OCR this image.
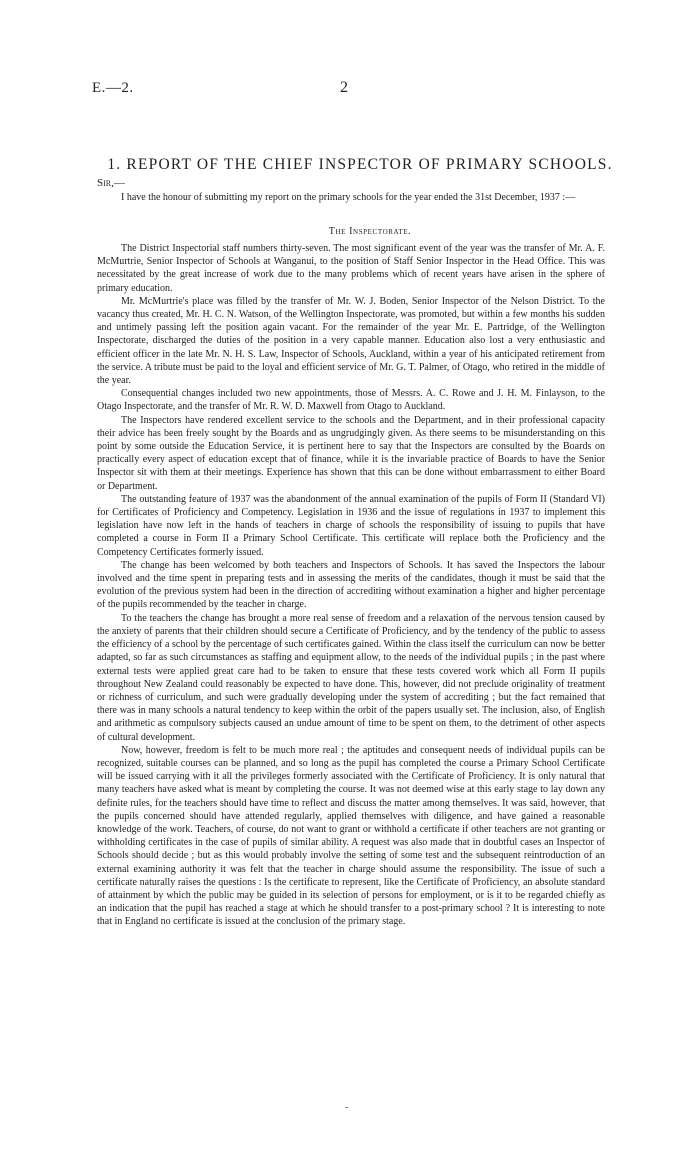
E.—2.	2
1. REPORT OF THE CHIEF INSPECTOR OF PRIMARY SCHOOLS.
Sir,—

I have the honour of submitting my report on the primary schools for the year ended the 31st December, 1937 :—

The Inspectorate.

The District Inspectorial staff numbers thirty-seven. The most significant event of the year was the transfer of Mr. A. F. McMurtrie, Senior Inspector of Schools at Wanganui, to the position of Staff Senior Inspector in the Head Office. This was necessitated by the great increase of work due to the many problems which of recent years have arisen in the sphere of primary education.

Mr. McMurtrie's place was filled by the transfer of Mr. W. J. Boden, Senior Inspector of the Nelson District. To the vacancy thus created, Mr. H. C. N. Watson, of the Wellington Inspectorate, was promoted, but within a few months his sudden and untimely passing left the position again vacant. For the remainder of the year Mr. E. Partridge, of the Wellington Inspectorate, discharged the duties of the position in a very capable manner. Education also lost a very enthusiastic and efficient officer in the late Mr. N. H. S. Law, Inspector of Schools, Auckland, within a year of his anticipated retirement from the service. A tribute must be paid to the loyal and efficient service of Mr. G. T. Palmer, of Otago, who retired in the middle of the year.

Consequential changes included two new appointments, those of Messrs. A. C. Rowe and J. H. M. Finlayson, to the Otago Inspectorate, and the transfer of Mr. R. W. D. Maxwell from Otago to Auckland.

The Inspectors have rendered excellent service to the schools and the Department, and in their professional capacity their advice has been freely sought by the Boards and as ungrudgingly given. As there seems to be misunderstanding on this point by some outside the Education Service, it is pertinent here to say that the Inspectors are consulted by the Boards on practically every aspect of education except that of finance, while it is the invariable practice of Boards to have the Senior Inspector sit with them at their meetings. Experience has shown that this can be done without embarrassment to either Board or Department.

The outstanding feature of 1937 was the abandonment of the annual examination of the pupils of Form II (Standard VI) for Certificates of Proficiency and Competency. Legislation in 1936 and the issue of regulations in 1937 to implement this legislation have now left in the hands of teachers in charge of schools the responsibility of issuing to pupils that have completed a course in Form II a Primary School Certificate. This certificate will replace both the Proficiency and the Competency Certificates formerly issued.

The change has been welcomed by both teachers and Inspectors of Schools. It has saved the Inspectors the labour involved and the time spent in preparing tests and in assessing the merits of the candidates, though it must be said that the evolution of the previous system had been in the direction of accrediting without examination a higher and higher percentage of the pupils recommended by the teacher in charge.

To the teachers the change has brought a more real sense of freedom and a relaxation of the nervous tension caused by the anxiety of parents that their children should secure a Certificate of Proficiency, and by the tendency of the public to assess the efficiency of a school by the percentage of such certificates gained. Within the class itself the curriculum can now be better adapted, so far as such circumstances as staffing and equipment allow, to the needs of the individual pupils ; in the past where external tests were applied great care had to be taken to ensure that these tests covered work which all Form II pupils throughout New Zealand could reasonably be expected to have done. This, however, did not preclude originality of treatment or richness of curriculum, and such were gradually developing under the system of accrediting ; but the fact remained that there was in many schools a natural tendency to keep within the orbit of the papers usually set. The inclusion, also, of English and arithmetic as compulsory subjects caused an undue amount of time to be spent on them, to the detriment of other aspects of cultural development.

Now, however, freedom is felt to be much more real ; the aptitudes and consequent needs of individual pupils can be recognized, suitable courses can be planned, and so long as the pupil has completed the course a Primary School Certificate will be issued carrying with it all the privileges formerly associated with the Certificate of Proficiency. It is only natural that many teachers have asked what is meant by completing the course. It was not deemed wise at this early stage to lay down any definite rules, for the teachers should have time to reflect and discuss the matter among themselves. It was said, however, that the pupils concerned should have attended regularly, applied themselves with diligence, and have gained a reasonable knowledge of the work. Teachers, of course, do not want to grant or withhold a certificate if other teachers are not granting or withholding certificates in the case of pupils of similar ability. A request was also made that in doubtful cases an Inspector of Schools should decide ; but as this would probably involve the setting of some test and the subsequent reintroduction of an external examining authority it was felt that the teacher in charge should assume the responsibility. The issue of such a certificate naturally raises the questions : Is the certificate to represent, like the Certificate of Proficiency, an absolute standard of attainment by which the public may be guided in its selection of persons for employment, or is it to be regarded chiefly as an indication that the pupil has reached a stage at which he should transfer to a post-primary school ? It is interesting to note that in England no certificate is issued at the conclusion of the primary stage.

-
